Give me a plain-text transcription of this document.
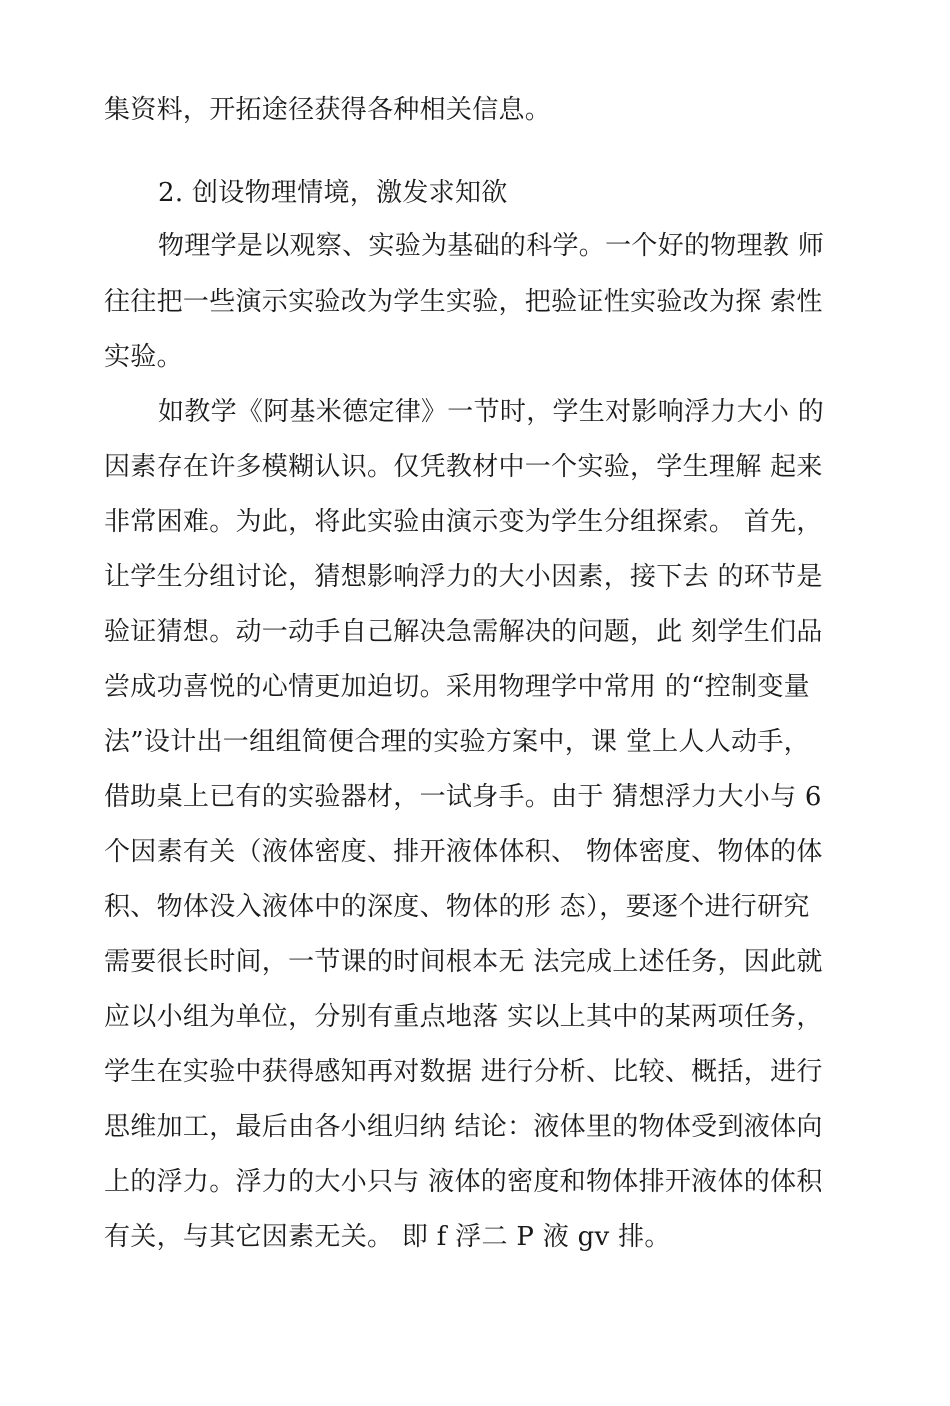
集资料，开拓途径获得各种相关信息。
2. 创设物理情境，激发求知欲
物理学是以观察、实验为基础的科学。一个好的物理教 师
往往把一些演示实验改为学生实验，把验证性实验改为探 索性
实验。
如教学《阿基米德定律》一节时，学生对影响浮力大小 的
因素存在许多模糊认识。仅凭教材中一个实验，学生理解 起来
非常困难。为此，将此实验由演示变为学生分组探索。 首先，
让学生分组讨论，猜想影响浮力的大小因素，接下去 的环节是
验证猜想。动一动手自己解决急需解决的问题，此 刻学生们品
尝成功喜悦的心情更加迫切。采用物理学中常用 的“控制变量
法”设计出一组组简便合理的实验方案中，课 堂上人人动手，
借助桌上已有的实验器材，一试身手。由于 猜想浮力大小与 6
个因素有关（液体密度、排开液体体积、 物体密度、物体的体
积、物体没入液体中的深度、物体的形 态），要逐个进行研究
需要很长时间，一节课的时间根本无 法完成上述任务，因此就
应以小组为单位，分别有重点地落 实以上其中的某两项任务，
学生在实验中获得感知再对数据 进行分析、比较、概括，进行
思维加工，最后由各小组归纳 结论：液体里的物体受到液体向
上的浮力。浮力的大小只与 液体的密度和物体排开液体的体积
有关，与其它因素无关。 即 f 浮二 P 液 gv 排。
